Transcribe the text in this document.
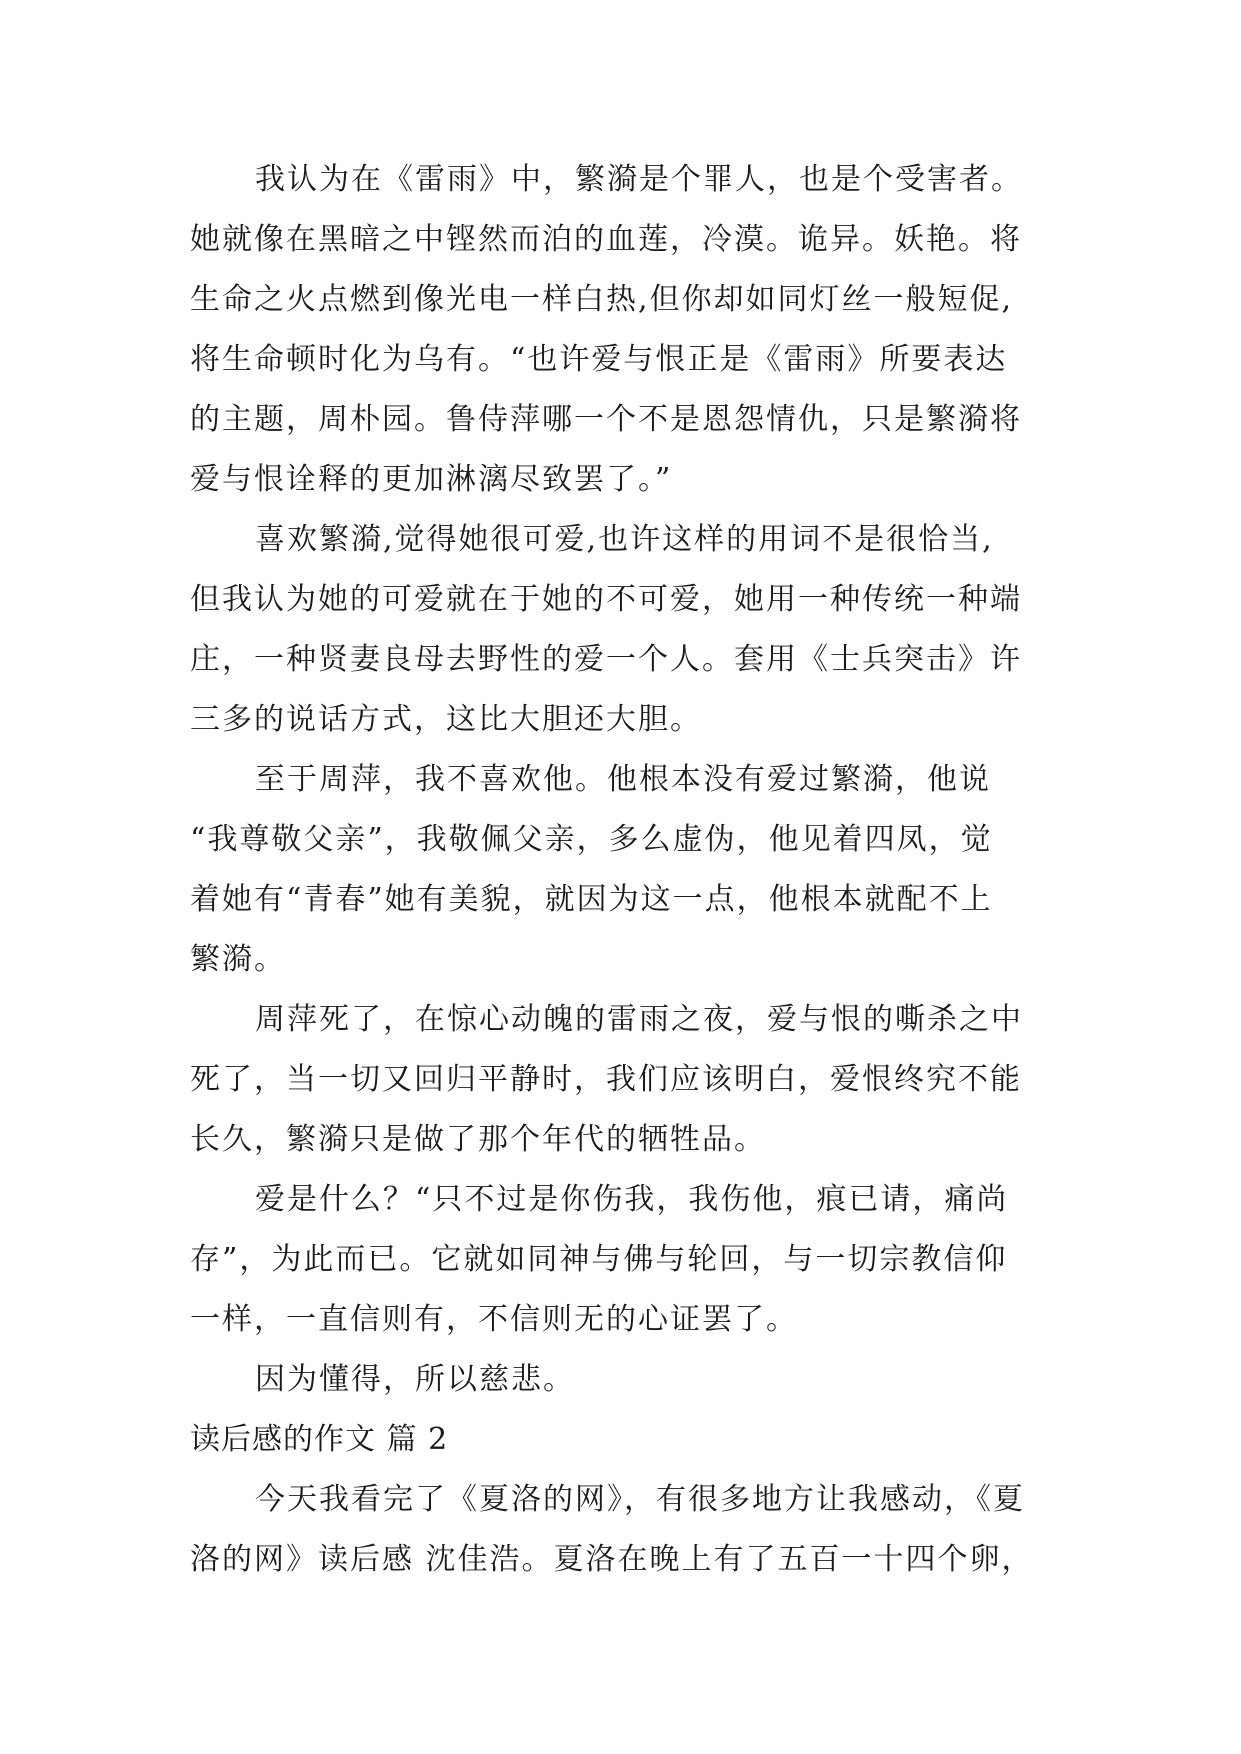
我认为在《雷雨》中，繁漪是个罪人，也是个受害者。
她就像在黑暗之中铿然而泊的血莲，冷漠。诡异。妖艳。将
生命之火点燃到像光电一样白热,但你却如同灯丝一般短促,
将生命顿时化为乌有。“也许爱与恨正是《雷雨》所要表达
的主题，周朴园。鲁侍萍哪一个不是恩怨情仇，只是繁漪将
爱与恨诠释的更加淋漓尽致罢了。”
喜欢繁漪,觉得她很可爱,也许这样的用词不是很恰当,
但我认为她的可爱就在于她的不可爱，她用一种传统一种端
庄，一种贤妻良母去野性的爱一个人。套用《士兵突击》许
三多的说话方式，这比大胆还大胆。
至于周萍，我不喜欢他。他根本没有爱过繁漪，他说
“我尊敬父亲”，我敬佩父亲，多么虚伪，他见着四凤，觉
着她有“青春”她有美貌，就因为这一点，他根本就配不上
繁漪。
周萍死了，在惊心动魄的雷雨之夜，爱与恨的嘶杀之中
死了，当一切又回归平静时，我们应该明白，爱恨终究不能
长久，繁漪只是做了那个年代的牺牲品。
爱是什么？“只不过是你伤我，我伤他，痕已请，痛尚
存”，为此而已。它就如同神与佛与轮回，与一切宗教信仰
一样，一直信则有，不信则无的心证罢了。
因为懂得，所以慈悲。
读后感的作文 篇 2
今天我看完了《夏洛的网》，有很多地方让我感动，《夏
洛的网》读后感 沈佳浩。夏洛在晚上有了五百一十四个卵，
